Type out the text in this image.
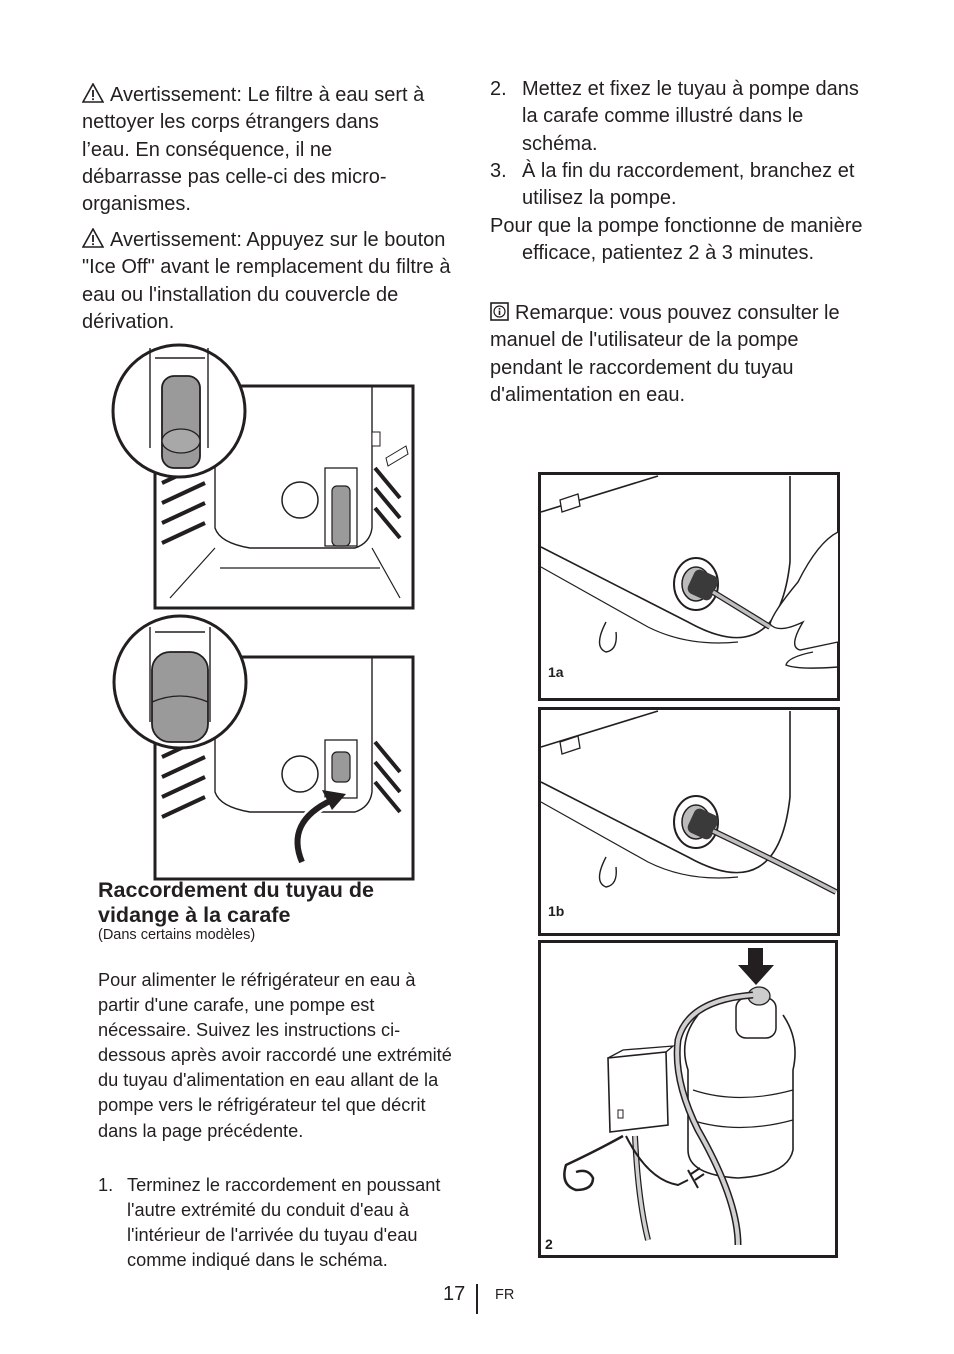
Avertissement: Le filtre à eau sert à nettoyer les corps étrangers dans l’eau. En conséquence, il ne débarrasse pas celle-ci des micro-organismes.
Avertissement: Appuyez sur le bouton "Ice Off" avant le remplacement du filtre à eau ou l'installation du couvercle de dérivation.
Raccordement du tuyau de vidange à la carafe
(Dans certains modèles)
Pour alimenter le réfrigérateur en eau à partir d'une carafe, une pompe est nécessaire. Suivez les instructions ci-dessous après avoir raccordé une extrémité du tuyau d'alimentation en eau allant de la pompe vers le réfrigérateur tel que décrit dans la page précédente.
1. Terminez le raccordement en poussant l'autre extrémité du conduit d'eau à l'intérieur de l'arrivée du tuyau d'eau comme indiqué dans le schéma.
2. Mettez et fixez le tuyau à pompe dans la carafe comme illustré dans le schéma.
3. À la fin du raccordement, branchez et utilisez la pompe.
Pour que la pompe fonctionne de manière efficace, patientez 2 à 3 minutes.
Remarque: vous pouvez consulter le manuel de l'utilisateur de la pompe pendant le raccordement du tuyau d'alimentation en eau.
1a
1b
2
17 FR
